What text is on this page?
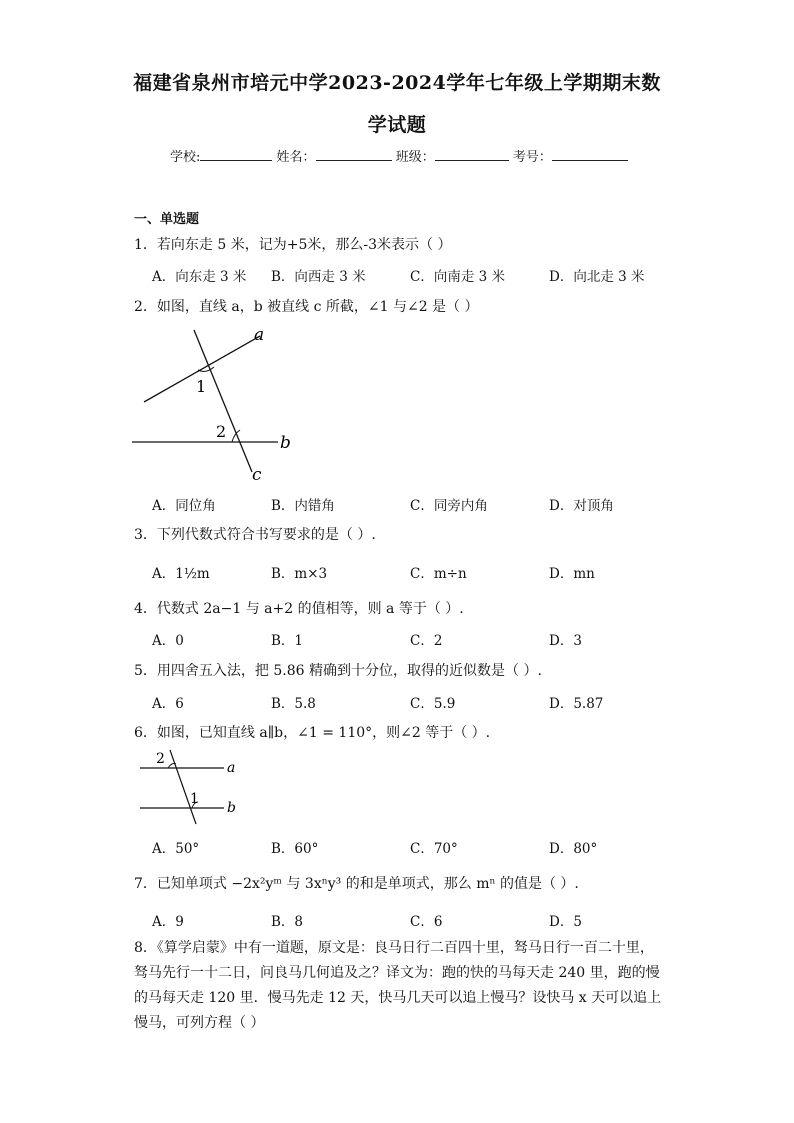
福建省泉州市培元中学2023-2024学年七年级上学期期末数
学试题
学校:	姓名：	班级：	考号：
一、单选题
1．若向东走 5 米，记为+5米，那么-3米表示（ ）
A．向东走 3 米 B．向西走 3 米	C．向南走 3 米	D．向北走 3 米
2．如图，直线 a，b 被直线 c 所截，∠1 与∠2 是（ ）
a
1
2
b
c
A．同位角	B．内错角	C．同旁内角	D．对顶角
3．下列代数式符合书写要求的是（ ）.
A．1½m	B．m×3	C．m÷n	D．mn
4．代数式 2a−1 与 a+2 的值相等，则 a 等于（ ）.
A．0	B．1	C．2	D．3
5．用四舍五入法，把 5.86 精确到十分位，取得的近似数是（ ）.
A．6	B．5.8	C．5.9	D．5.87
6．如图，已知直线 a∥b，∠1 = 110°，则∠2 等于（ ）.
2
a
1
b
A．50°	B．60°	C．70°	D．80°
7．已知单项式 −2x²yᵐ 与 3xⁿy³ 的和是单项式，那么 mⁿ 的值是（ ）.
A．9	B．8	C．6	D．5
8．《算学启蒙》中有一道题，原文是：良马日行二百四十里，驽马日行一百二十里，驽马先行一十二日，问良马几何追及之？译文为：跑的快的马每天走 240 里，跑的慢的马每天走 120 里．慢马先走 12 天，快马几天可以追上慢马？设快马 x 天可以追上慢马，可列方程（ ）
